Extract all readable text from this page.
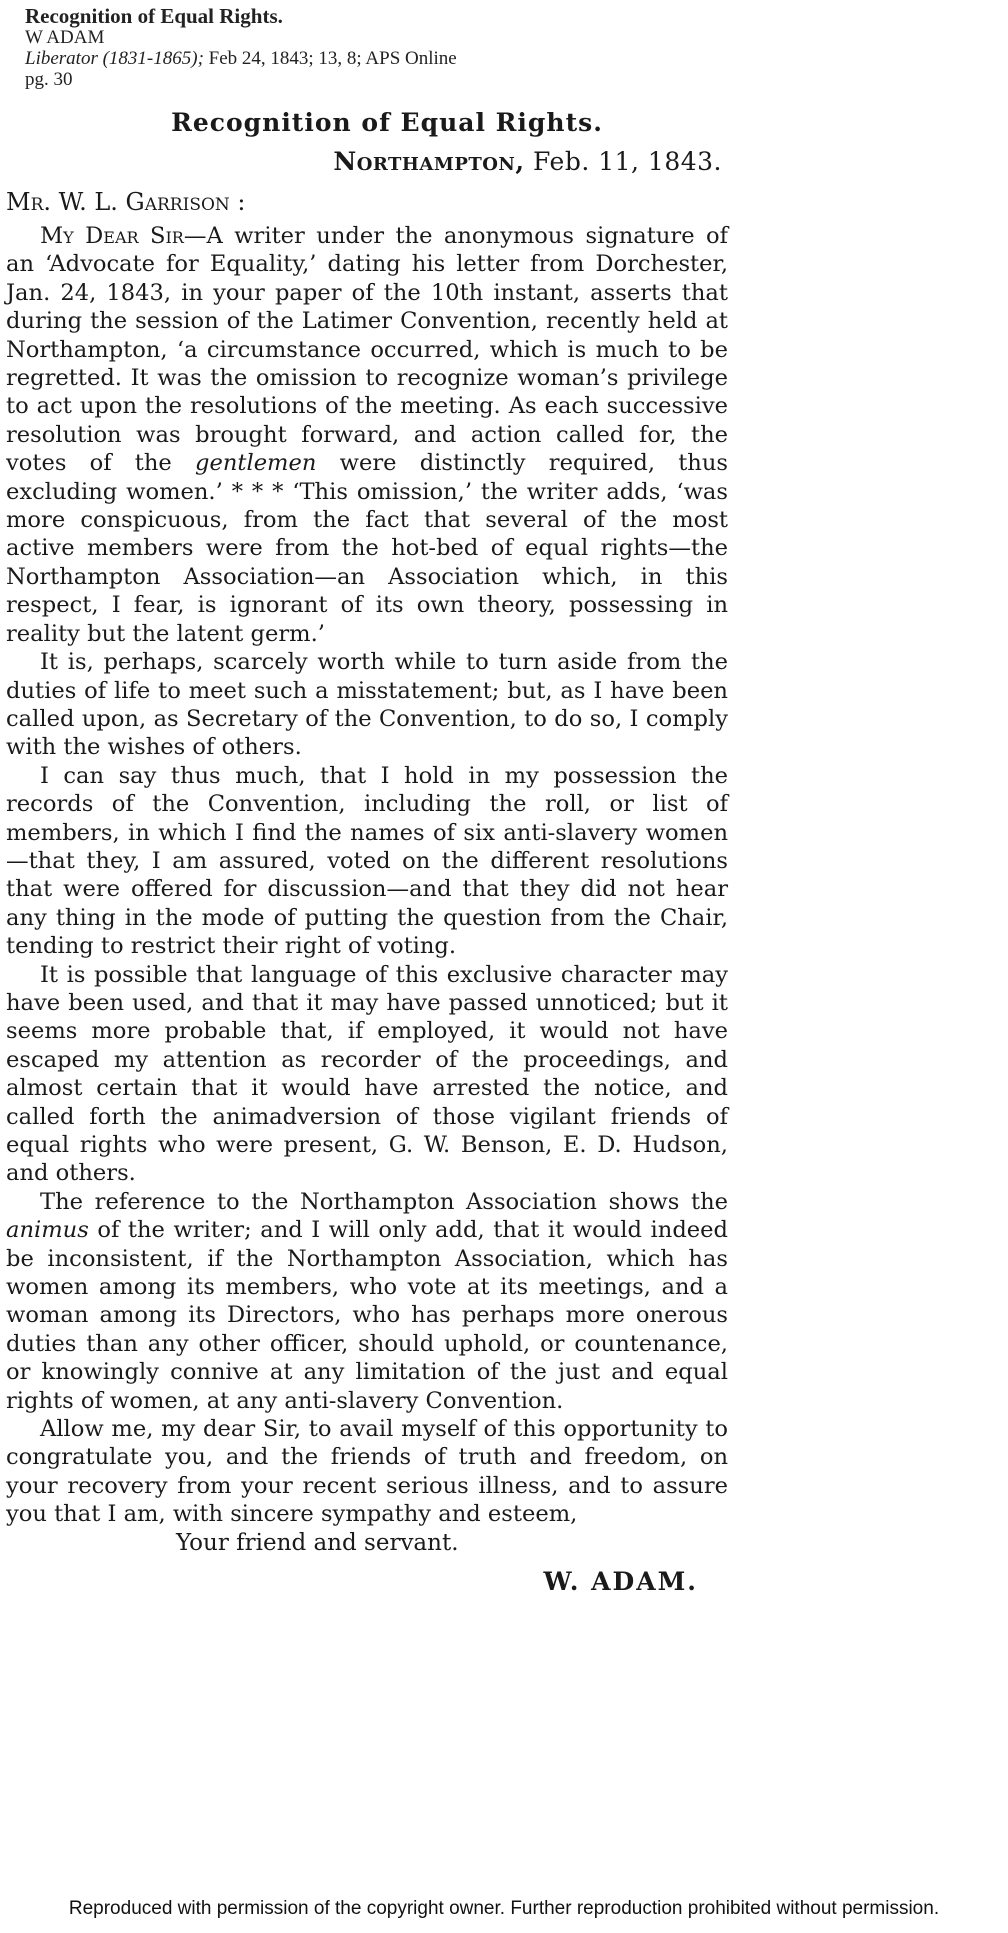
Recognition of Equal Rights.
W ADAM
Liberator (1831-1865); Feb 24, 1843; 13, 8; APS Online
pg. 30
Recognition of Equal Rights.
Northampton, Feb. 11, 1843.
Mr. W. L. Garrison :

My Dear Sir—A writer under the anonymous signature of an ‘Advocate for Equality,’ dating his letter from Dorchester, Jan. 24, 1843, in your paper of the 10th instant, asserts that during the session of the Latimer Convention, recently held at Northampton, ‘a circumstance occurred, which is much to be regretted. It was the omission to recognize woman’s privilege to act upon the resolutions of the meeting. As each successive resolution was brought forward, and action called for, the votes of the gentlemen were distinctly required, thus excluding women.’ * * * ‘This omission,’ the writer adds, ‘was more conspicuous, from the fact that several of the most active members were from the hot-bed of equal rights—the Northampton Association—an Association which, in this respect, I fear, is ignorant of its own theory, possessing in reality but the latent germ.’

It is, perhaps, scarcely worth while to turn aside from the duties of life to meet such a misstatement; but, as I have been called upon, as Secretary of the Convention, to do so, I comply with the wishes of others.

I can say thus much, that I hold in my possession the records of the Convention, including the roll, or list of members, in which I find the names of six anti-slavery women—that they, I am assured, voted on the different resolutions that were offered for discussion—and that they did not hear any thing in the mode of putting the question from the Chair, tending to restrict their right of voting.

It is possible that language of this exclusive character may have been used, and that it may have passed unnoticed; but it seems more probable that, if employed, it would not have escaped my attention as recorder of the proceedings, and almost certain that it would have arrested the notice, and called forth the animadversion of those vigilant friends of equal rights who were present, G. W. Benson, E. D. Hudson, and others.

The reference to the Northampton Association shows the animus of the writer; and I will only add, that it would indeed be inconsistent, if the Northampton Association, which has women among its members, who vote at its meetings, and a woman among its Directors, who has perhaps more onerous duties than any other officer, should uphold, or countenance, or knowingly connive at any limitation of the just and equal rights of women, at any anti-slavery Convention.

Allow me, my dear Sir, to avail myself of this opportunity to congratulate you, and the friends of truth and freedom, on your recovery from your recent serious illness, and to assure you that I am, with sincere sympathy and esteem,

Your friend and servant.
W. ADAM.
Reproduced with permission of the copyright owner. Further reproduction prohibited without permission.
